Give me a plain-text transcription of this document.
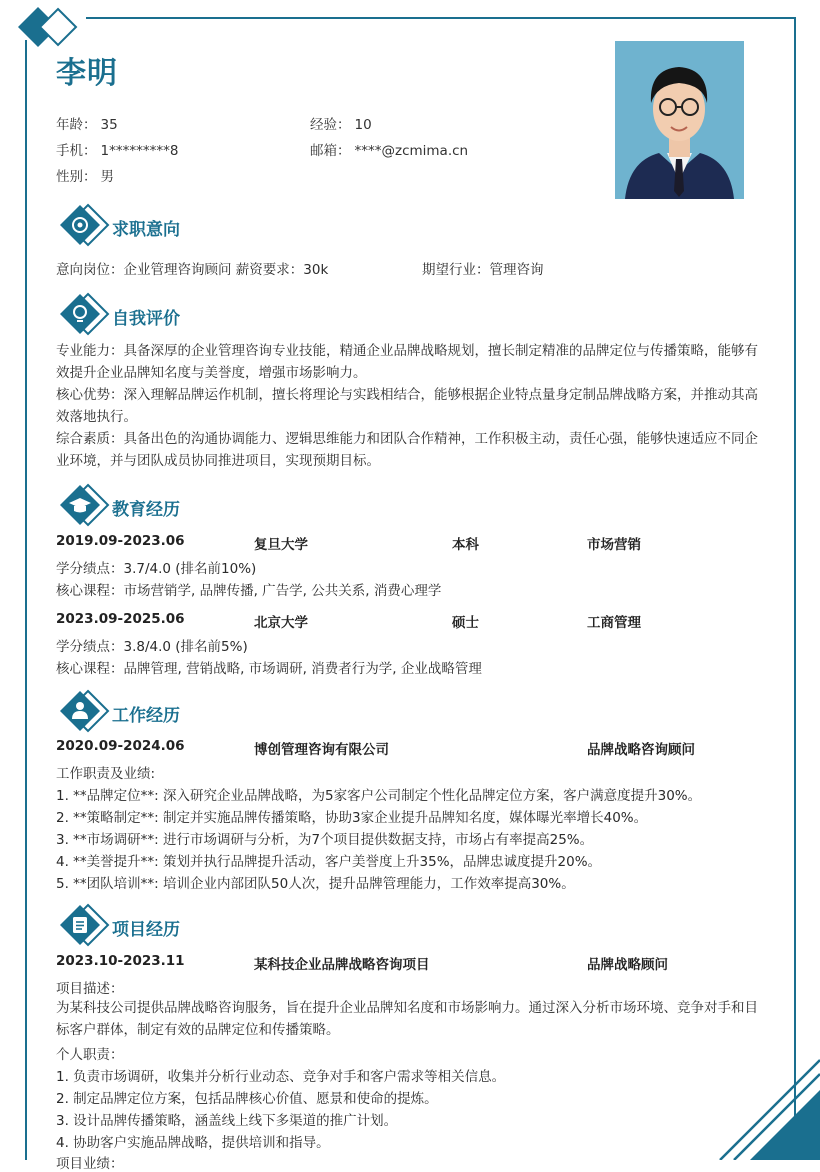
李明
年龄： 35	经验： 10
手机： 1*********8	邮箱： ****@zcmima.cn
性别： 男
求职意向
意向岗位：企业管理咨询顾问 薪资要求：30k	期望行业：管理咨询
自我评价
专业能力：具备深厚的企业管理咨询专业技能，精通企业品牌战略规划，擅长制定精准的品牌定位与传播策略，能够有效提升企业品牌知名度与美誉度，增强市场影响力。
核心优势：深入理解品牌运作机制，擅长将理论与实践相结合，能够根据企业特点量身定制品牌战略方案，并推动其高效落地执行。
综合素质：具备出色的沟通协调能力、逻辑思维能力和团队合作精神，工作积极主动，责任心强，能够快速适应不同企业环境，并与团队成员协同推进项目，实现预期目标。
教育经历
2019.09-2023.06	复旦大学	本科	市场营销
学分绩点：3.7/4.0 (排名前10%)
核心课程：市场营销学, 品牌传播, 广告学, 公共关系, 消费心理学
2023.09-2025.06	北京大学	硕士	工商管理
学分绩点：3.8/4.0 (排名前5%)
核心课程：品牌管理, 营销战略, 市场调研, 消费者行为学, 企业战略管理
工作经历
2020.09-2024.06	博创管理咨询有限公司	品牌战略咨询顾问
工作职责及业绩:
1. **品牌定位**: 深入研究企业品牌战略，为5家客户公司制定个性化品牌定位方案，客户满意度提升30%。
2. **策略制定**: 制定并实施品牌传播策略，协助3家企业提升品牌知名度，媒体曝光率增长40%。
3. **市场调研**: 进行市场调研与分析，为7个项目提供数据支持，市场占有率提高25%。
4. **美誉提升**: 策划并执行品牌提升活动，客户美誉度上升35%，品牌忠诚度提升20%。
5. **团队培训**: 培训企业内部团队50人次，提升品牌管理能力，工作效率提高30%。
项目经历
2023.10-2023.11	某科技企业品牌战略咨询项目	品牌战略顾问
项目描述：
为某科技公司提供品牌战略咨询服务，旨在提升企业品牌知名度和市场影响力。通过深入分析市场环境、竞争对手和目标客户群体，制定有效的品牌定位和传播策略。
个人职责：
1. 负责市场调研，收集并分析行业动态、竞争对手和客户需求等相关信息。
2. 制定品牌定位方案，包括品牌核心价值、愿景和使命的提炼。
3. 设计品牌传播策略，涵盖线上线下多渠道的推广计划。
4. 协助客户实施品牌战略，提供培训和指导。
项目业绩：
